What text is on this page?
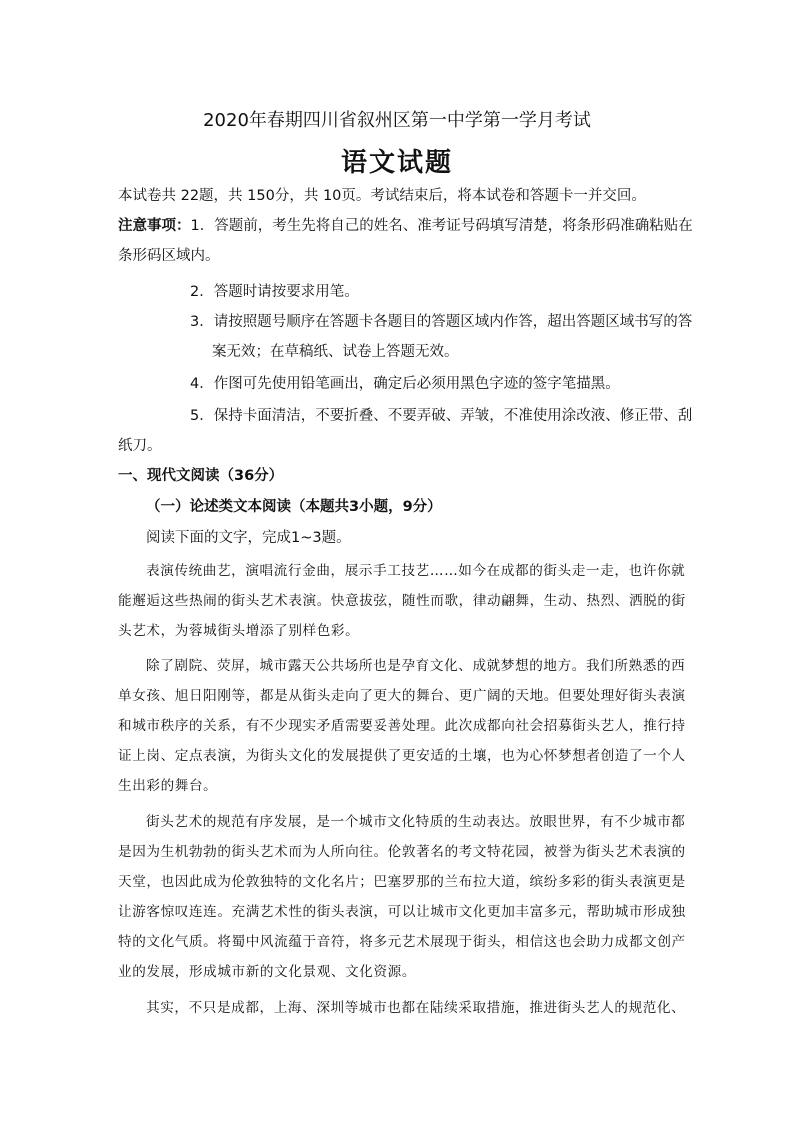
2020年春期四川省叙州区第一中学第一学月考试
语文试题
本试卷共 22题，共 150分，共 10页。考试结束后，将本试卷和答题卡一并交回。
注意事项：1．答题前，考生先将自己的姓名、准考证号码填写清楚，将条形码准确粘贴在
条形码区域内。
2．答题时请按要求用笔。
3．请按照题号顺序在答题卡各题目的答题区域内作答，超出答题区域书写的答
案无效；在草稿纸、试卷上答题无效。
4．作图可先使用铅笔画出，确定后必须用黑色字迹的签字笔描黑。
5．保持卡面清洁，不要折叠、不要弄破、弄皱，不准使用涂改液、修正带、刮
纸刀。
一、现代文阅读（36分）
（一）论述类文本阅读（本题共3小题，9分）
阅读下面的文字，完成1~3题。
表演传统曲艺，演唱流行金曲，展示手工技艺……如今在成都的街头走一走，也许你就
能邂逅这些热闹的街头艺术表演。快意拔弦，随性而歌，律动翩舞，生动、热烈、洒脱的街
头艺术，为蓉城街头增添了别样色彩。
除了剧院、荧屏，城市露天公共场所也是孕育文化、成就梦想的地方。我们所熟悉的西
单女孩、旭日阳刚等，都是从街头走向了更大的舞台、更广阔的天地。但要处理好街头表演
和城市秩序的关系，有不少现实矛盾需要妥善处理。此次成都向社会招募街头艺人，推行持
证上岗、定点表演，为街头文化的发展提供了更安适的土壤，也为心怀梦想者创造了一个人
生出彩的舞台。
街头艺术的规范有序发展，是一个城市文化特质的生动表达。放眼世界，有不少城市都
是因为生机勃勃的街头艺术而为人所向往。伦敦著名的考文特花园，被誉为街头艺术表演的
天堂，也因此成为伦敦独特的文化名片；巴塞罗那的兰布拉大道，缤纷多彩的街头表演更是
让游客惊叹连连。充满艺术性的街头表演，可以让城市文化更加丰富多元，帮助城市形成独
特的文化气质。将蜀中风流蕴于音符，将多元艺术展现于街头，相信这也会助力成都文创产
业的发展，形成城市新的文化景观、文化资源。
其实，不只是成都，上海、深圳等城市也都在陆续采取措施，推进街头艺人的规范化、
